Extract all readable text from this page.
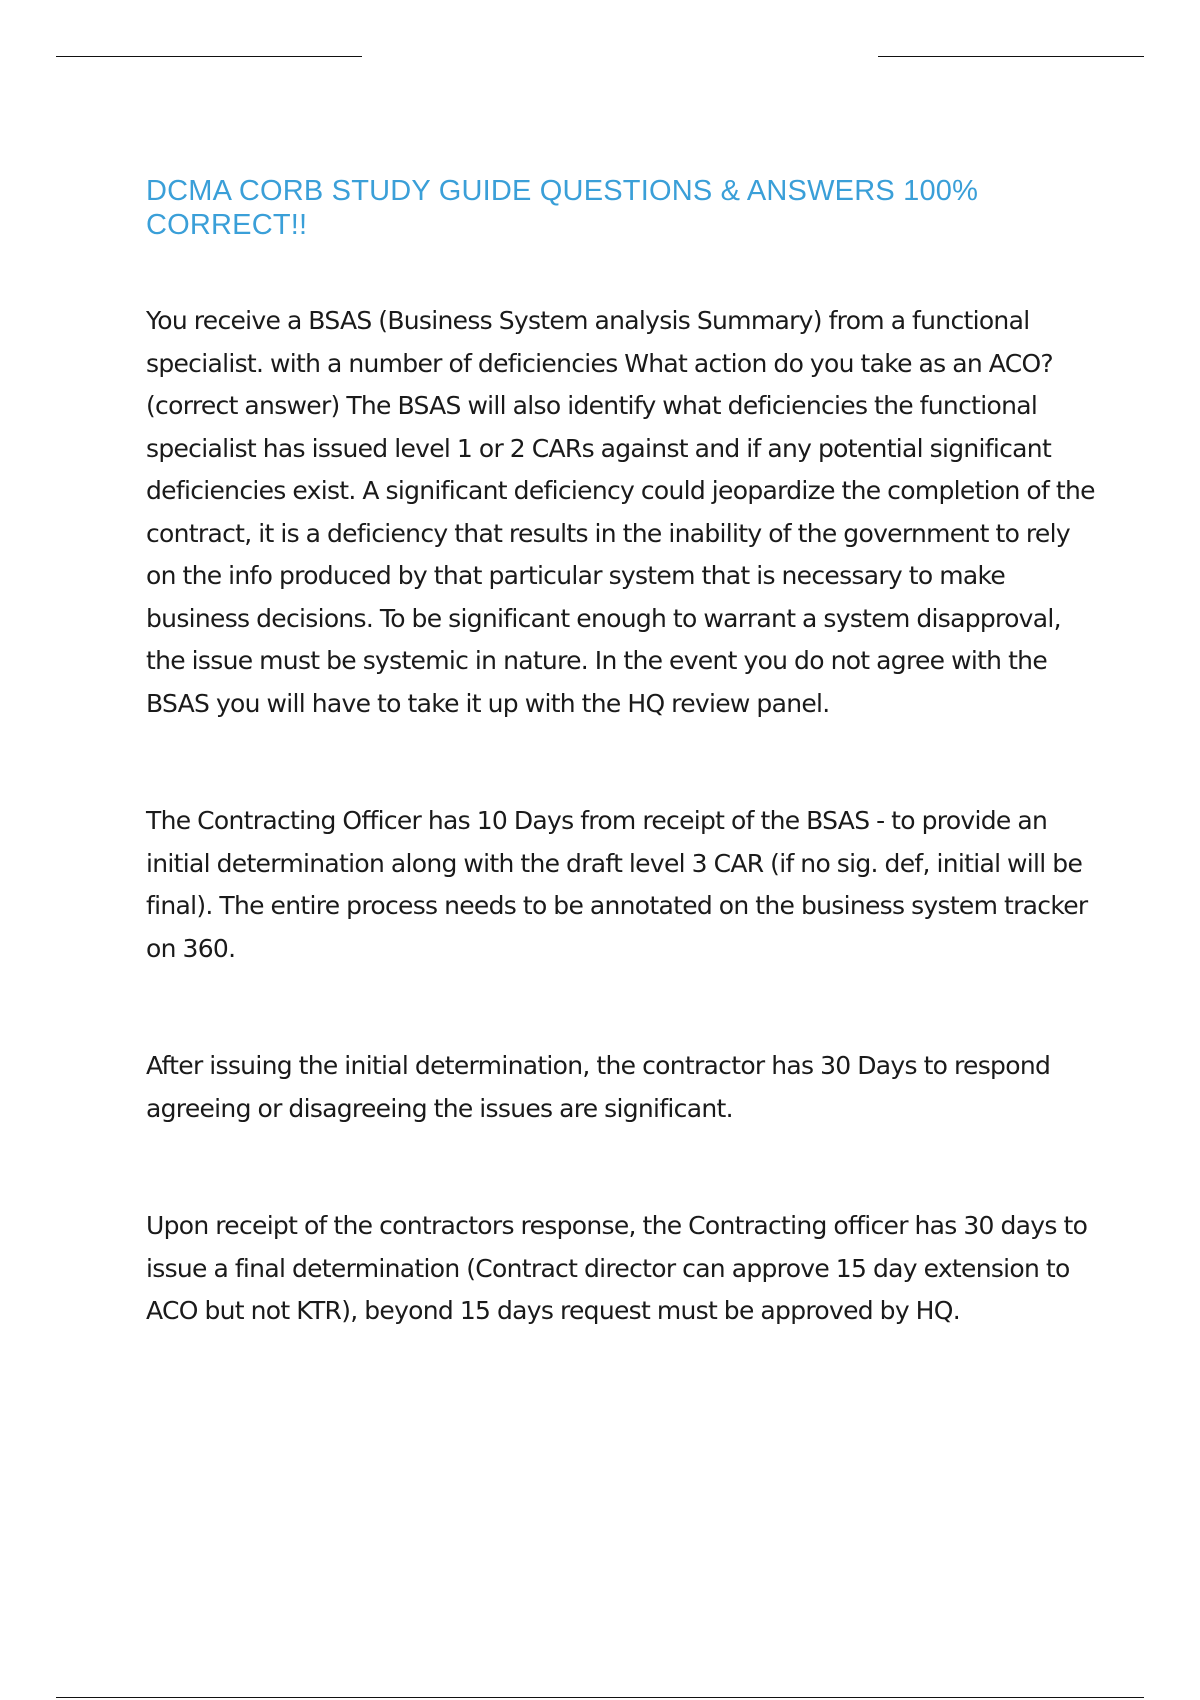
DCMA CORB STUDY GUIDE QUESTIONS & ANSWERS 100% CORRECT!!

You receive a BSAS (Business System analysis Summary) from a functional specialist. with a number of deficiencies What action do you take as an ACO? (correct answer) The BSAS will also identify what deficiencies the functional specialist has issued level 1 or 2 CARs against and if any potential significant deficiencies exist. A significant deficiency could jeopardize the completion of the contract, it is a deficiency that results in the inability of the government to rely on the info produced by that particular system that is necessary to make business decisions. To be significant enough to warrant a system disapproval, the issue must be systemic in nature. In the event you do not agree with the BSAS you will have to take it up with the HQ review panel.

The Contracting Officer has 10 Days from receipt of the BSAS - to provide an initial determination along with the draft level 3 CAR (if no sig. def, initial will be final). The entire process needs to be annotated on the business system tracker on 360.

After issuing the initial determination, the contractor has 30 Days to respond agreeing or disagreeing the issues are significant.

Upon receipt of the contractors response, the Contracting officer has 30 days to issue a final determination (Contract director can approve 15 day extension to ACO but not KTR), beyond 15 days request must be approved by HQ.
